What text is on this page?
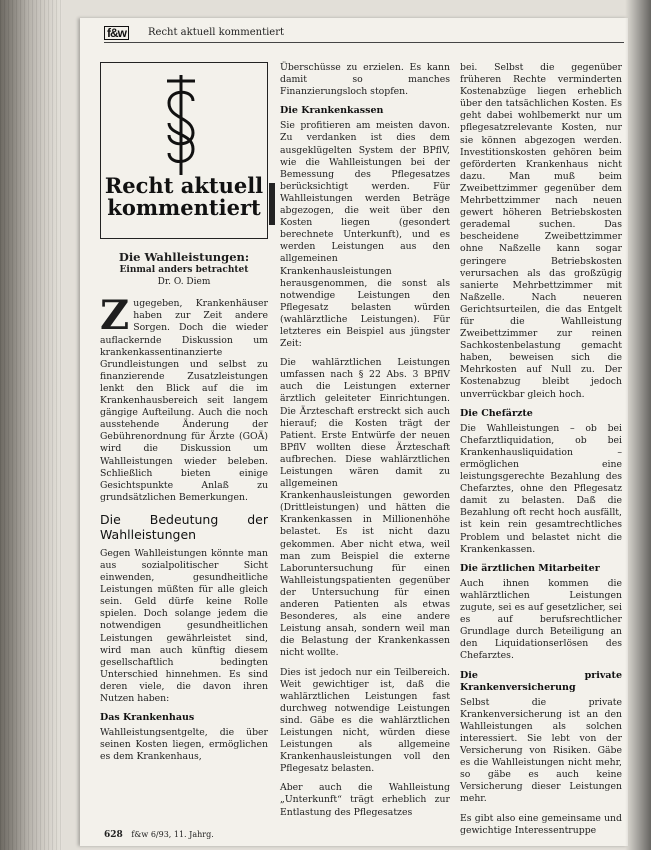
f&w	Recht aktuell kommentiert
Recht aktuell
kommentiert
Die Wahlleistungen:
Einmal anders betrachtet
Dr. O. Diem

Zugegeben, Krankenhäuser haben zur Zeit andere Sorgen. Doch die wieder auflackernde Diskussion um krankenkassentinanzierte Grundleistungen und selbst zu finanzierende Zusatzleistungen lenkt den Blick auf die im Krankenhausbereich seit langem gängige Aufteilung. Auch die noch ausstehende Änderung der Gebührenordnung für Ärzte (GOÄ) wird die Diskussion um Wahlleistungen wieder beleben. Schließlich bieten einige Gesichtspunkte Anlaß zu grundsätzlichen Bemerkungen.

Die Bedeutung der Wahlleistungen

Gegen Wahlleistungen könnte man aus sozialpolitischer Sicht einwenden, gesundheitliche Leistungen müßten für alle gleich sein. Geld dürfe keine Rolle spielen. Doch solange jedem die notwendigen gesundheitlichen Leistungen gewährleistet sind, wird man auch künftig diesem gesellschaftlich bedingten Unterschied hinnehmen. Es sind deren viele, die davon ihren Nutzen haben:

Das Krankenhaus

Wahlleistungsentgelte, die über seinen Kosten liegen, ermöglichen es dem Krankenhaus,

Überschüsse zu erzielen. Es kann damit so manches Finanzierungsloch stopfen.

Die Krankenkassen

Sie profitieren am meisten davon. Zu verdanken ist dies dem ausgeklügelten System der BPflV, wie die Wahlleistungen bei der Bemessung des Pflegesatzes berücksichtigt werden. Für Wahlleistungen werden Beträge abgezogen, die weit über den Kosten liegen (gesondert berechnete Unterkunft), und es werden Leistungen aus den allgemeinen Krankenhausleistungen herausgenommen, die sonst als notwendige Leistungen den Pflegesatz belasten würden (wahlärztliche Leistungen). Für letzteres ein Beispiel aus jüngster Zeit:

Die wahlärztlichen Leistungen umfassen nach § 22 Abs. 3 BPflV auch die Leistungen externer ärztlich geleiteter Einrichtungen. Die Ärzteschaft erstreckt sich auch hierauf; die Kosten trägt der Patient. Erste Entwürfe der neuen BPflV wollten diese Ärzteschaft aufbrechen. Diese wahlärztlichen Leistungen wären damit zu allgemeinen Krankenhausleistungen geworden (Drittleistungen) und hätten die Krankenkassen in Millionenhöhe belastet. Es ist nicht dazu gekommen. Aber nicht etwa, weil man zum Beispiel die externe Laboruntersuchung für einen Wahlleistungspatienten gegenüber der Untersuchung für einen anderen Patienten als etwas Besonderes, als eine andere Leistung ansah, sondern weil man die Belastung der Krankenkassen nicht wollte.

Dies ist jedoch nur ein Teilbereich. Weit gewichtiger ist, daß die wahlärztlichen Leistungen fast durchweg notwendige Leistungen sind. Gäbe es die wahlärztlichen Leistungen nicht, würden diese Leistungen als allgemeine Krankenhausleistungen voll den Pflegesatz belasten.

Aber auch die Wahlleistung „Unterkunft“ trägt erheblich zur Entlastung des Pflegesatzes

bei. Selbst die gegenüber früheren Rechte verminderten Kostenabzüge liegen erheblich über den tatsächlichen Kosten. Es geht dabei wohlbemerkt nur um pflegesatzrelevante Kosten, nur sie können abgezogen werden. Investitionskosten gehören beim geförderten Krankenhaus nicht dazu. Man muß beim Zweibettzimmer gegenüber dem Mehrbettzimmer nach neuen gewert höheren Betriebskosten gerademal suchen. Das bescheidene Zweibettzimmer ohne Naßzelle kann sogar geringere Betriebskosten verursachen als das großzügig sanierte Mehrbettzimmer mit Naßzelle. Nach neueren Gerichtsurteilen, die das Entgelt für die Wahlleistung Zweibettzimmer zur reinen Sachkostenbelastung gemacht haben, beweisen sich die Mehrkosten auf Null zu. Der Kostenabzug bleibt jedoch unverrückbar gleich hoch.

Die Chefärzte

Die Wahlleistungen – ob bei Chefarztliquidation, ob bei Krankenhausliquidation – ermöglichen eine leistungsgerechte Bezahlung des Chefarztes, ohne den Pflegesatz damit zu belasten. Daß die Bezahlung oft recht hoch ausfällt, ist kein rein gesamtrechtliches Problem und belastet nicht die Krankenkassen.

Die ärztlichen Mitarbeiter

Auch ihnen kommen die wahlärztlichen Leistungen zugute, sei es auf gesetzlicher, sei es auf berufsrechtlicher Grundlage durch Beteiligung an den Liquidationserlösen des Chefarztes.

Die private Krankenversicherung

Selbst die private Krankenversicherung ist an den Wahlleistungen als solchen interessiert. Sie lebt von der Versicherung von Risiken. Gäbe es die Wahlleistungen nicht mehr, so gäbe es auch keine Versicherung dieser Leistungen mehr.

Es gibt also eine gemeinsame und gewichtige Interessentruppe

628 f&w 6/93, 11. Jahrg.
